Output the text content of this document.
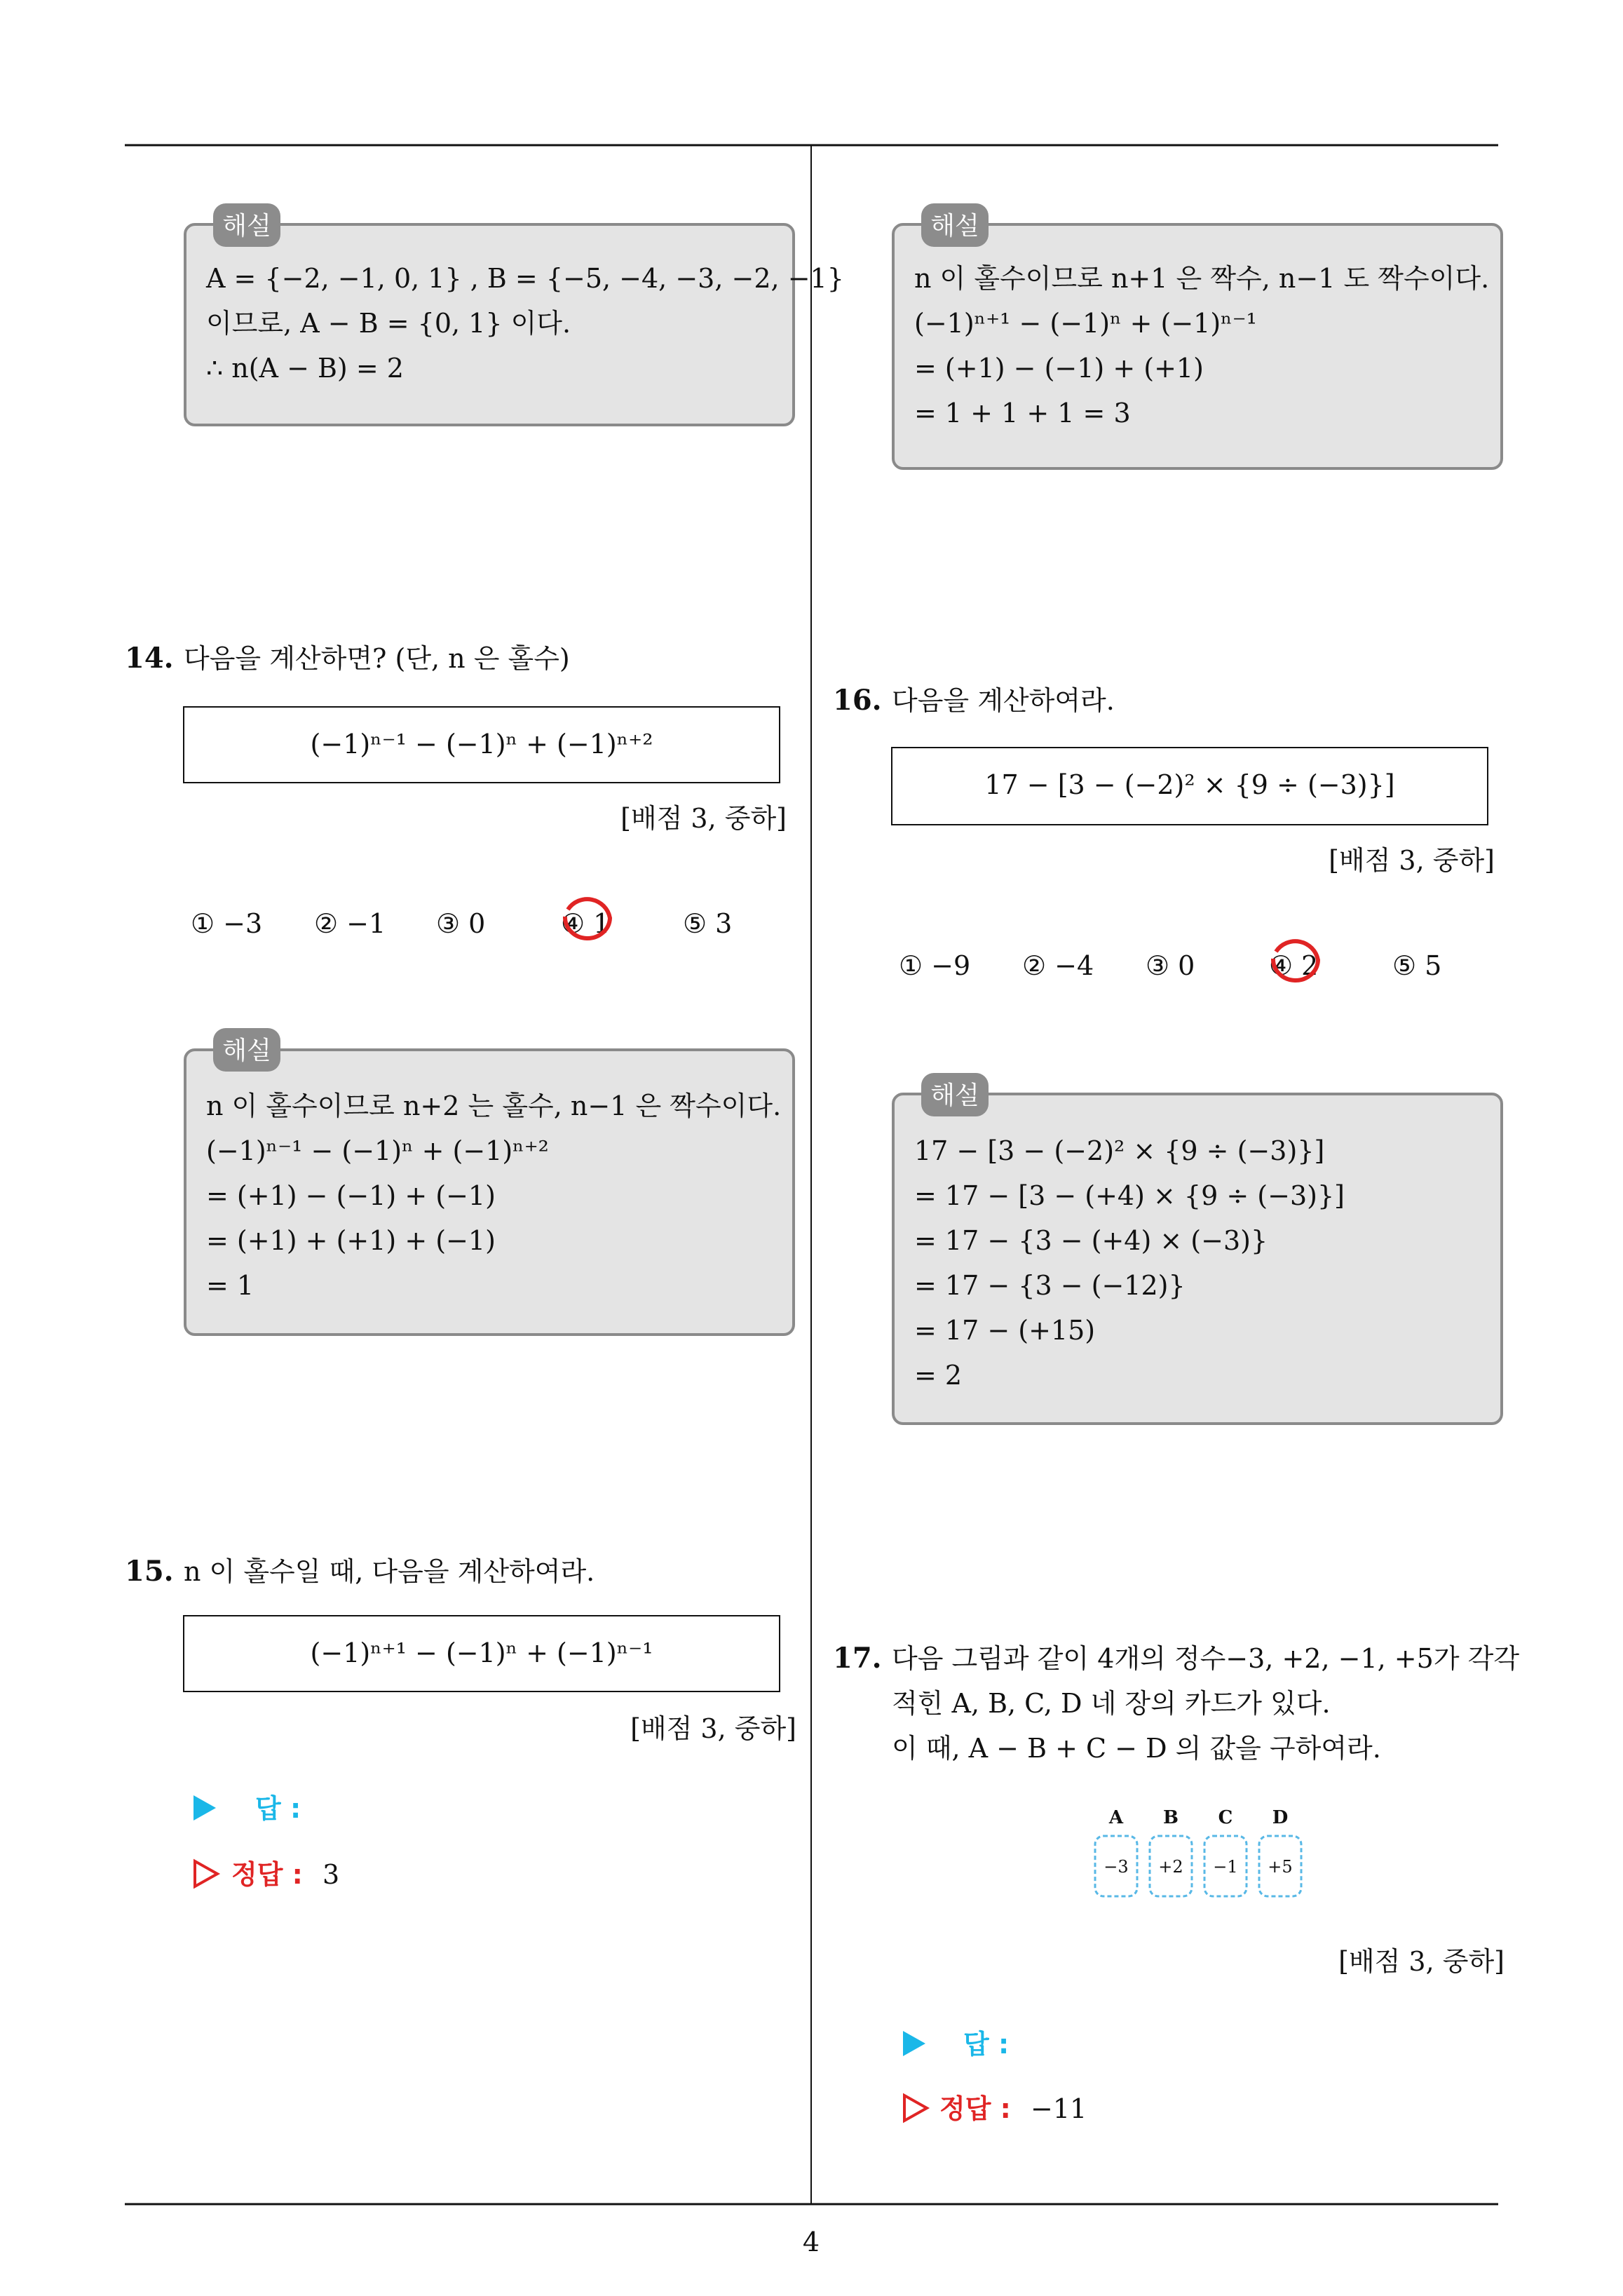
4
해설
A = {−2, −1, 0, 1} , B = {−5, −4, −3, −2, −1}
이므로, A − B = {0, 1} 이다.
∴ n(A − B) = 2
14. 다음을 계산하면? (단, n 은 홀수)
(−1)ⁿ⁻¹ − (−1)ⁿ + (−1)ⁿ⁺²
[배점 3, 중하]
① −3 ② −1 ③ 0	④ 1	⑤ 3
해설
n 이 홀수이므로 n+2 는 홀수, n−1 은 짝수이다.
(−1)ⁿ⁻¹ − (−1)ⁿ + (−1)ⁿ⁺²
= (+1) − (−1) + (−1)
= (+1) + (+1) + (−1)
= 1
15. n 이 홀수일 때, 다음을 계산하여라.
(−1)ⁿ⁺¹ − (−1)ⁿ + (−1)ⁿ⁻¹
[배점 3, 중하]
답 :
정답 : 3
해설
n 이 홀수이므로 n+1 은 짝수, n−1 도 짝수이다.
(−1)ⁿ⁺¹ − (−1)ⁿ + (−1)ⁿ⁻¹
= (+1) − (−1) + (+1)
= 1 + 1 + 1 = 3
16. 다음을 계산하여라.
17 − [3 − (−2)² × {9 ÷ (−3)}]
[배점 3, 중하]
① −9 ② −4 ③ 0	④ 2	⑤ 5
해설
17 − [3 − (−2)² × {9 ÷ (−3)}]
= 17 − [3 − (+4) × {9 ÷ (−3)}]
= 17 − {3 − (+4) × (−3)}
= 17 − {3 − (−12)}
= 17 − (+15)
= 2
17. 다음 그림과 같이 4개의 정수−3, +2, −1, +5가 각각
적힌 A, B, C, D 네 장의 카드가 있다.
이 때, A − B + C − D 의 값을 구하여라.
A
−3
B
+2
C
−1
D
+5
[배점 3, 중하]
답 :
정답 : −11
